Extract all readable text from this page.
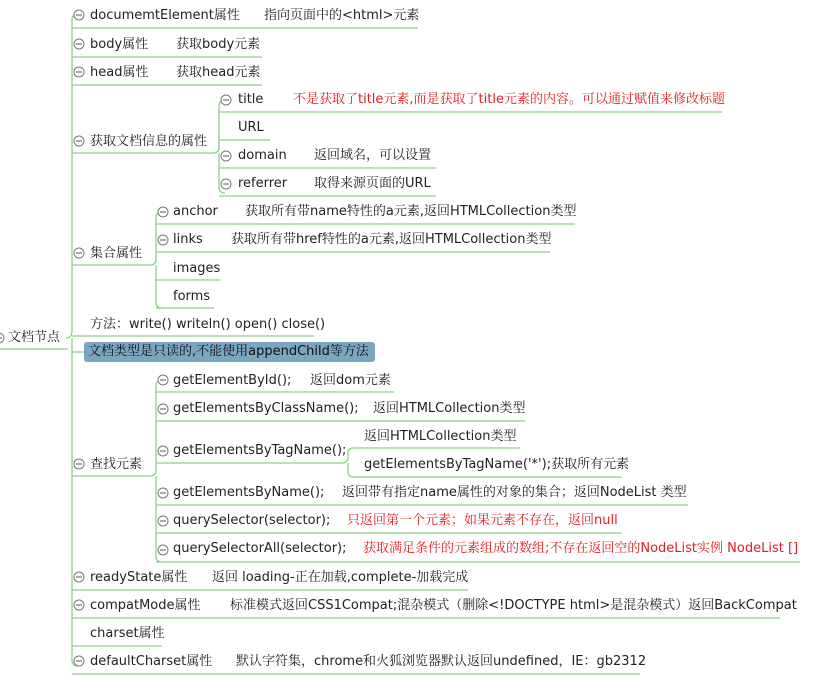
文档节点
documemtElement属性 指向页面中的<html>元素
body属性 获取body元素
head属性 获取head元素
获取文档信息的属性
title 不是获取了title元素,而是获取了title元素的内容。可以通过赋值来修改标题
URL
domain 返回域名，可以设置
referrer 取得来源页面的URL
集合属性
anchor 获取所有带name特性的a元素,返回HTMLCollection类型
links 获取所有带href特性的a元素,返回HTMLCollection类型
images
forms
方法：write() writeln() open() close()
文档类型是只读的,不能使用appendChild等方法
查找元素
getElementById(); 返回dom元素
getElementsByClassName(); 返回HTMLCollection类型
getElementsByTagName();
返回HTMLCollection类型
getElementsByTagName('*');获取所有元素
getElementsByName(); 返回带有指定name属性的对象的集合；返回NodeList 类型
querySelector(selector); 只返回第一个元素；如果元素不存在，返回null
querySelectorAll(selector); 获取满足条件的元素组成的数组;不存在返回空的NodeList实例 NodeList []
readyState属性 返回 loading-正在加载,complete-加载完成
compatMode属性 标准模式返回CSS1Compat;混杂模式（删除<!DOCTYPE html>是混杂模式）返回BackCompat
charset属性
defaultCharset属性 默认字符集，chrome和火狐浏览器默认返回undefined，IE：gb2312
